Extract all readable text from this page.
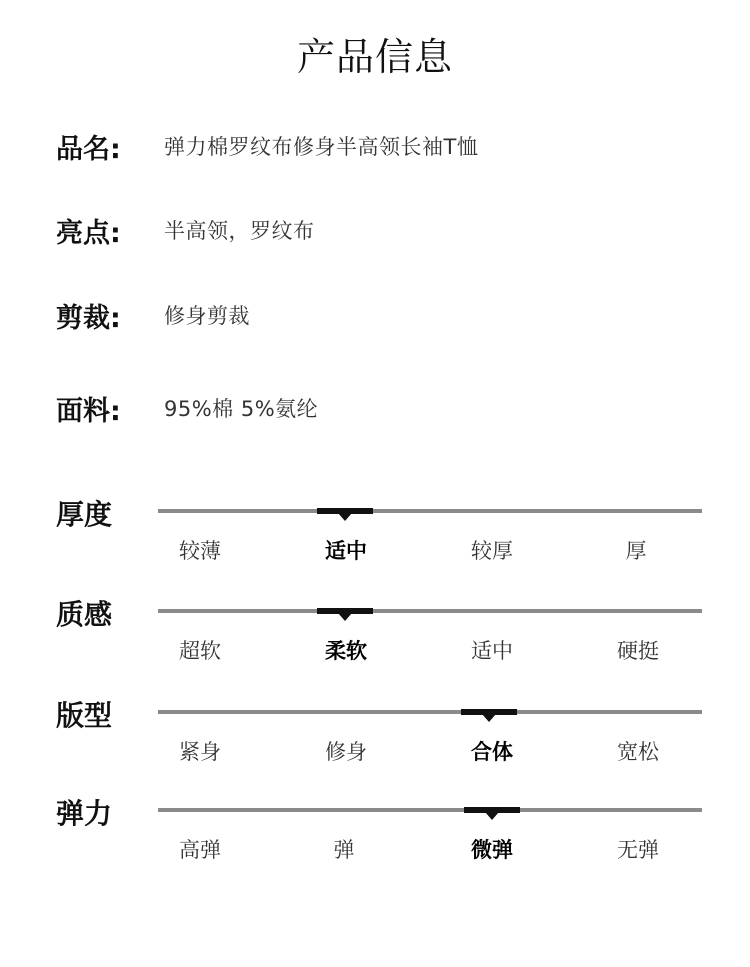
产品信息
品名:	弹力棉罗纹布修身半高领长袖T恤
亮点:	半高领，罗纹布
剪裁:	修身剪裁
面料:	95%棉 5%氨纶
厚度
较薄	适中	较厚	厚
质感
超软	柔软	适中	硬挺
版型
紧身	修身	合体	宽松
弹力
高弹	弹	微弹	无弹
